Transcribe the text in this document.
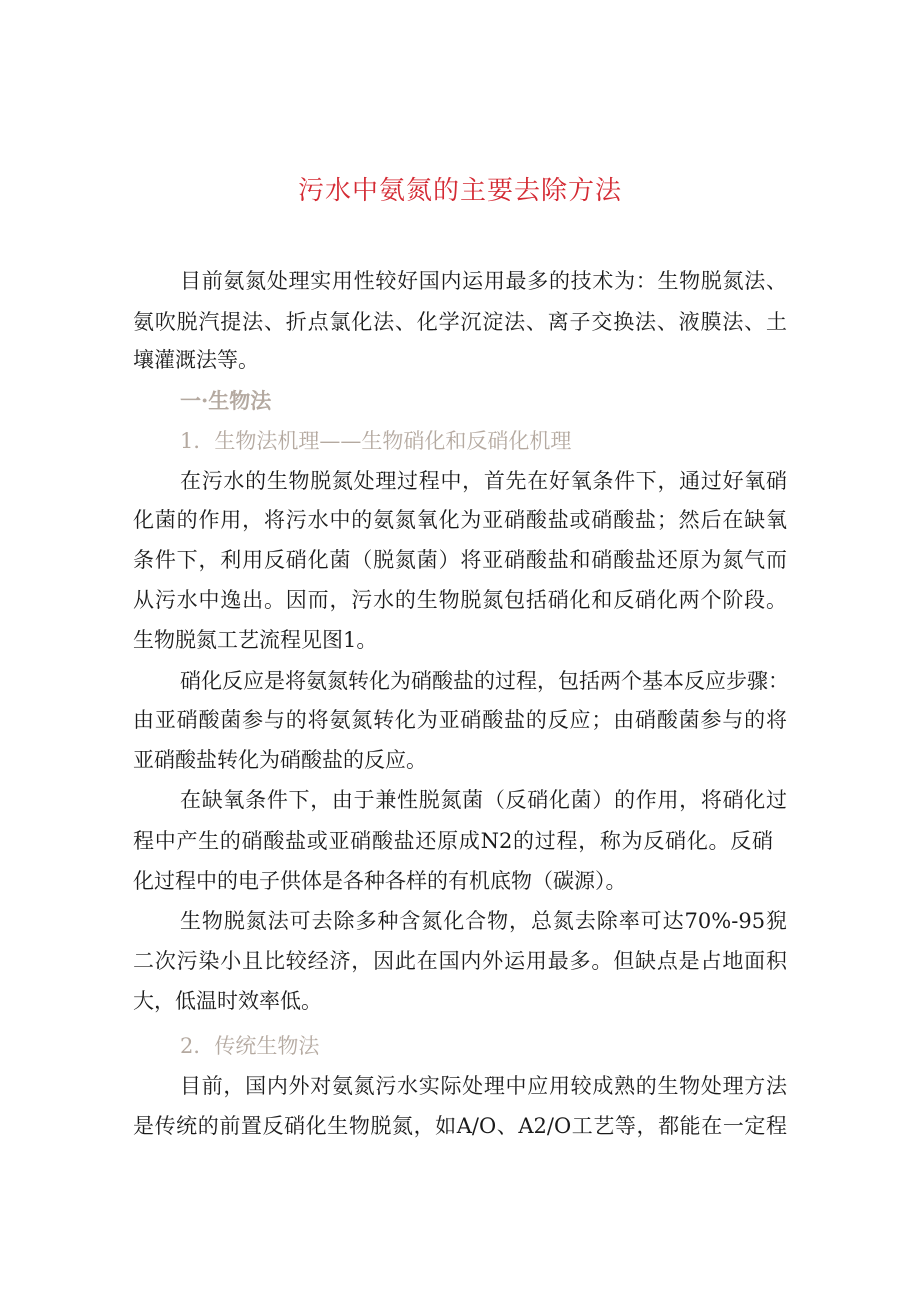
污水中氨氮的主要去除方法
目前氨氮处理实用性较好国内运用最多的技术为：生物脱氮法、
氨吹脱汽提法、折点氯化法、化学沉淀法、离子交换法、液膜法、土
壤灌溉法等。
一·生物法
1．生物法机理——生物硝化和反硝化机理
在污水的生物脱氮处理过程中，首先在好氧条件下，通过好氧硝
化菌的作用，将污水中的氨氮氧化为亚硝酸盐或硝酸盐；然后在缺氧
条件下，利用反硝化菌（脱氮菌）将亚硝酸盐和硝酸盐还原为氮气而
从污水中逸出。因而，污水的生物脱氮包括硝化和反硝化两个阶段。
生物脱氮工艺流程见图1。
硝化反应是将氨氮转化为硝酸盐的过程，包括两个基本反应步骤：
由亚硝酸菌参与的将氨氮转化为亚硝酸盐的反应；由硝酸菌参与的将
亚硝酸盐转化为硝酸盐的反应。
在缺氧条件下，由于兼性脱氮菌（反硝化菌）的作用，将硝化过
程中产生的硝酸盐或亚硝酸盐还原成N2的过程，称为反硝化。反硝
化过程中的电子供体是各种各样的有机底物（碳源）。
生物脱氮法可去除多种含氮化合物，总氮去除率可达70%-95猊
二次污染小且比较经济，因此在国内外运用最多。但缺点是占地面积
大，低温时效率低。
2．传统生物法
目前，国内外对氨氮污水实际处理中应用较成熟的生物处理方法
是传统的前置反硝化生物脱氮，如A/O、A2/O工艺等，都能在一定程
